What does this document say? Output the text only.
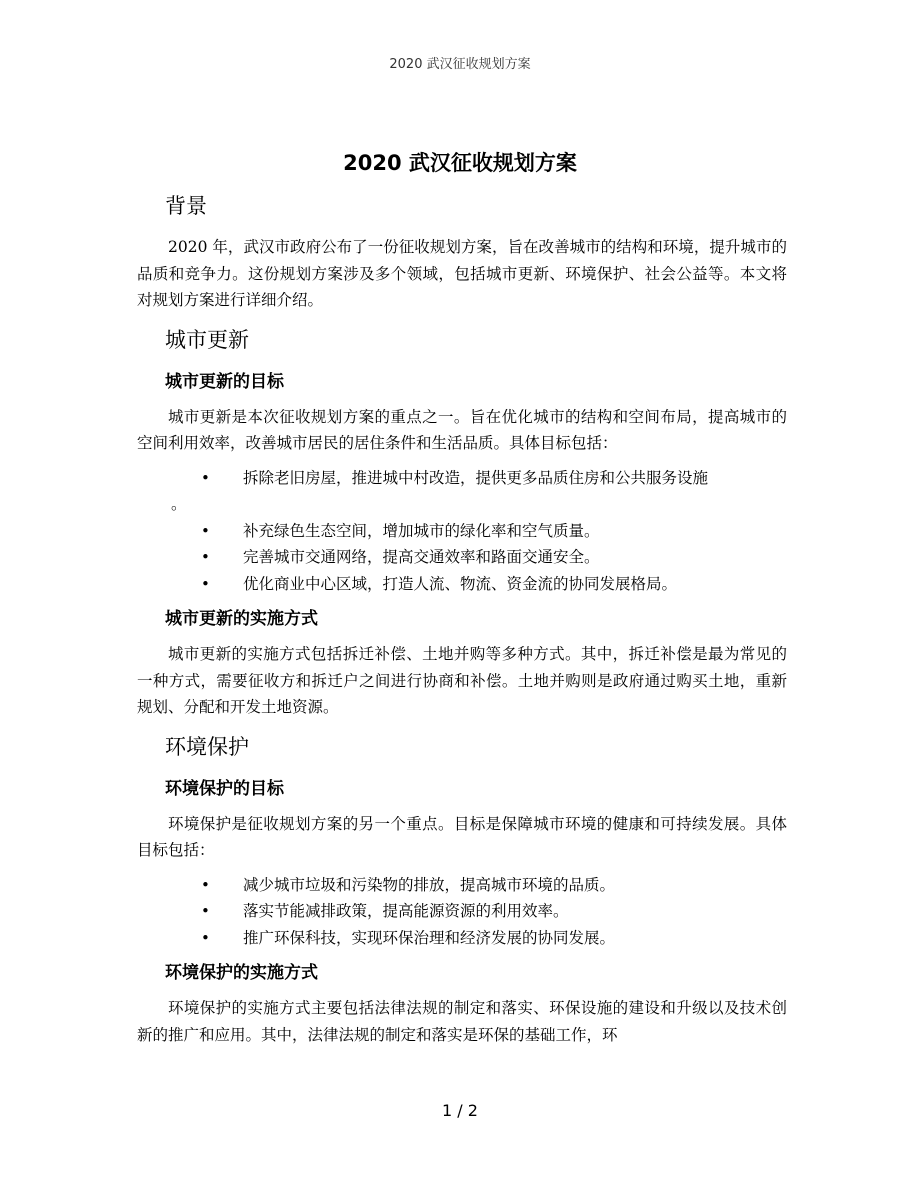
2020 武汉征收规划方案
2020 武汉征收规划方案
背景

2020 年，武汉市政府公布了一份征收规划方案，旨在改善城市的结构和环境，提升城市的品质和竞争力。这份规划方案涉及多个领域，包括城市更新、环境保护、社会公益等。本文将对规划方案进行详细介绍。

城市更新
城市更新的目标

城市更新是本次征收规划方案的重点之一。旨在优化城市的结构和空间布局，提高城市的空间利用效率，改善城市居民的居住条件和生活品质。具体目标包括：

• 拆除老旧房屋，推进城中村改造，提供更多品质住房和公共服务设施
。
• 补充绿色生态空间，增加城市的绿化率和空气质量。
• 完善城市交通网络，提高交通效率和路面交通安全。
• 优化商业中心区域，打造人流、物流、资金流的协同发展格局。
城市更新的实施方式

城市更新的实施方式包括拆迁补偿、土地并购等多种方式。其中，拆迁补偿是最为常见的一种方式，需要征收方和拆迁户之间进行协商和补偿。土地并购则是政府通过购买土地，重新规划、分配和开发土地资源。

环境保护
环境保护的目标

环境保护是征收规划方案的另一个重点。目标是保障城市环境的健康和可持续发展。具体目标包括：

• 减少城市垃圾和污染物的排放，提高城市环境的品质。
• 落实节能减排政策，提高能源资源的利用效率。
• 推广环保科技，实现环保治理和经济发展的协同发展。
环境保护的实施方式

环境保护的实施方式主要包括法律法规的制定和落实、环保设施的建设和升级以及技术创新的推广和应用。其中，法律法规的制定和落实是环保的基础工作，环

1 / 2
